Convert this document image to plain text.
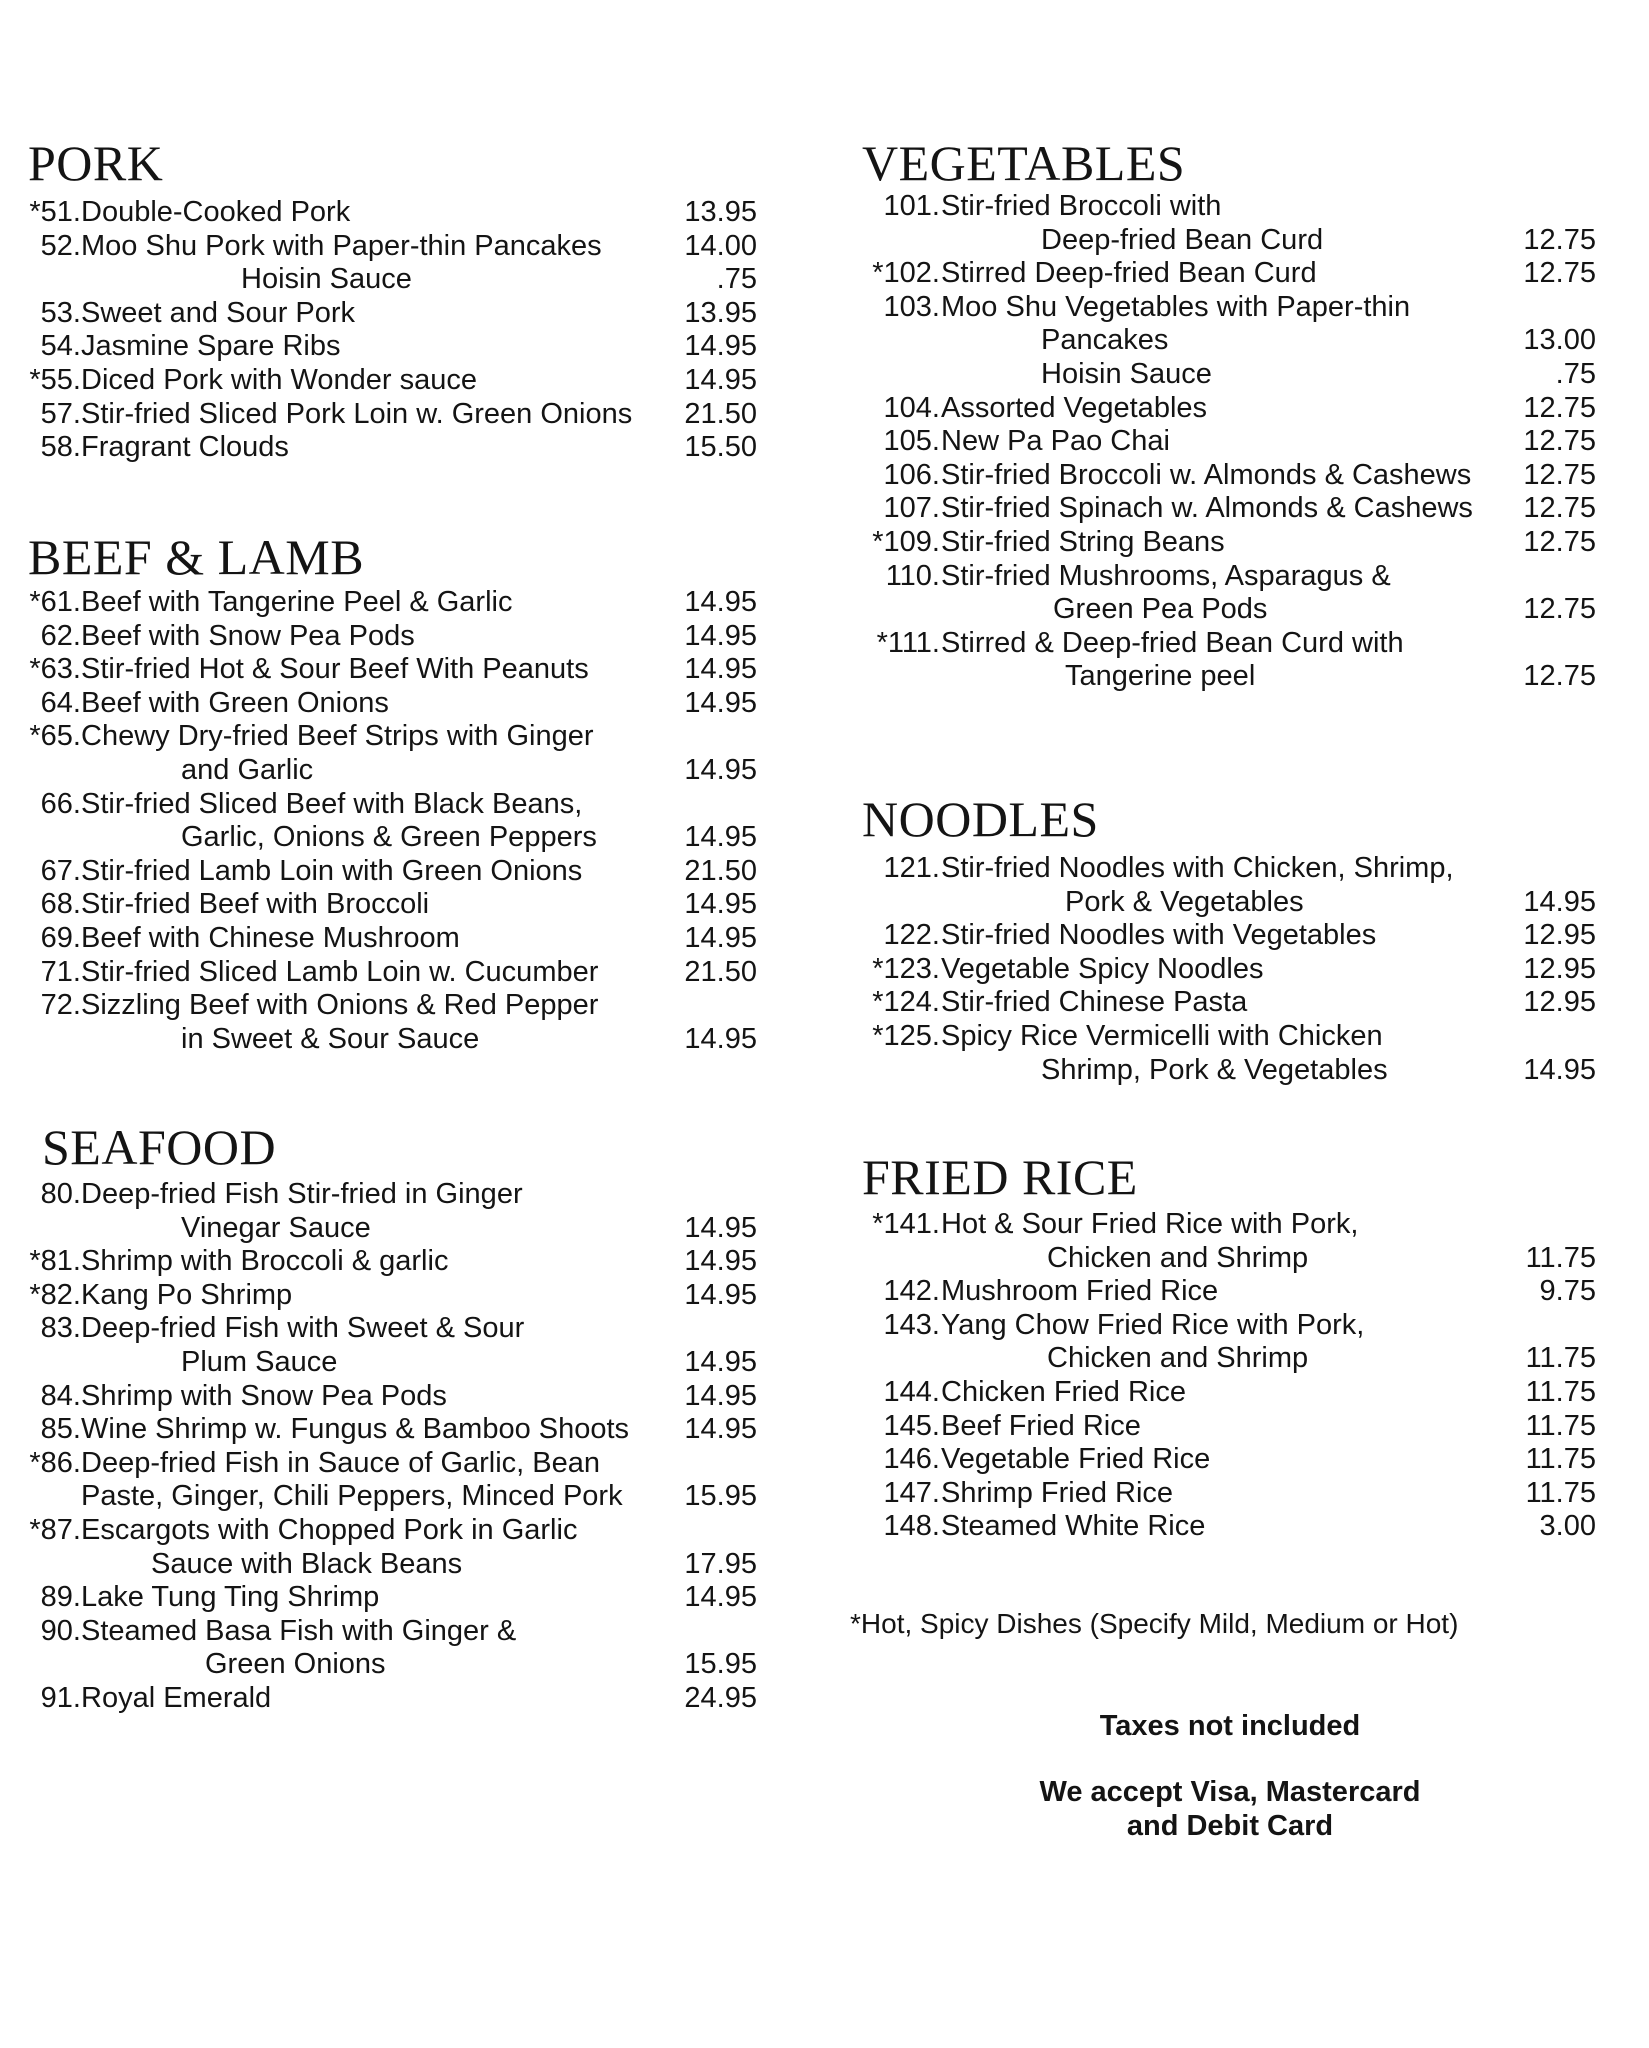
PORK
*51. Double-Cooked Pork	13.95
52. Moo Shu Pork with Paper-thin Pancakes	14.00
Hoisin Sauce	.75
53. Sweet and Sour Pork	13.95
54. Jasmine Spare Ribs	14.95
*55. Diced Pork with Wonder sauce	14.95
57. Stir-fried Sliced Pork Loin w. Green Onions 21.50
58. Fragrant Clouds	15.50
BEEF & LAMB
*61. Beef with Tangerine Peel & Garlic	14.95
62. Beef with Snow Pea Pods	14.95
*63. Stir-fried Hot & Sour Beef With Peanuts	14.95
64. Beef with Green Onions	14.95
*65. Chewy Dry-fried Beef Strips with Ginger
and Garlic	14.95
66. Stir-fried Sliced Beef with Black Beans,
Garlic, Onions & Green Peppers	14.95
67. Stir-fried Lamb Loin with Green Onions	21.50
68. Stir-fried Beef with Broccoli	14.95
69. Beef with Chinese Mushroom	14.95
71. Stir-fried Sliced Lamb Loin w. Cucumber	21.50
72. Sizzling Beef with Onions & Red Pepper
in Sweet & Sour Sauce	14.95
SEAFOOD
80. Deep-fried Fish Stir-fried in Ginger
Vinegar Sauce	14.95
*81. Shrimp with Broccoli & garlic	14.95
*82. Kang Po Shrimp	14.95
83. Deep-fried Fish with Sweet & Sour
Plum Sauce	14.95
84. Shrimp with Snow Pea Pods	14.95
85. Wine Shrimp w. Fungus & Bamboo Shoots 14.95
*86. Deep-fried Fish in Sauce of Garlic, Bean
Paste, Ginger, Chili Peppers, Minced Pork 15.95
*87. Escargots with Chopped Pork in Garlic
Sauce with Black Beans	17.95
89. Lake Tung Ting Shrimp	14.95
90. Steamed Basa Fish with Ginger &
Green Onions	15.95
91. Royal Emerald	24.95
VEGETABLES
101. Stir-fried Broccoli with
Deep-fried Bean Curd	12.75
*102. Stirred Deep-fried Bean Curd	12.75
103. Moo Shu Vegetables with Paper-thin
Pancakes	13.00
Hoisin Sauce	.75
104. Assorted Vegetables	12.75
105. New Pa Pao Chai	12.75
106. Stir-fried Broccoli w. Almonds & Cashews 12.75
107. Stir-fried Spinach w. Almonds & Cashews 12.75
*109. Stir-fried String Beans	12.75
110. Stir-fried Mushrooms, Asparagus &
Green Pea Pods	12.75
*111. Stirred & Deep-fried Bean Curd with
Tangerine peel	12.75
NOODLES
121. Stir-fried Noodles with Chicken, Shrimp,
Pork & Vegetables	14.95
122. Stir-fried Noodles with Vegetables	12.95
*123. Vegetable Spicy Noodles	12.95
*124. Stir-fried Chinese Pasta	12.95
*125. Spicy Rice Vermicelli with Chicken
Shrimp, Pork & Vegetables	14.95
FRIED RICE
*141. Hot & Sour Fried Rice with Pork,
Chicken and Shrimp	11.75
142. Mushroom Fried Rice	9.75
143. Yang Chow Fried Rice with Pork,
Chicken and Shrimp	11.75
144. Chicken Fried Rice	11.75
145. Beef Fried Rice	11.75
146. Vegetable Fried Rice	11.75
147. Shrimp Fried Rice	11.75
148. Steamed White Rice	3.00
*Hot, Spicy Dishes (Specify Mild, Medium or Hot)
Taxes not included
We accept Visa, Mastercard
and Debit Card
